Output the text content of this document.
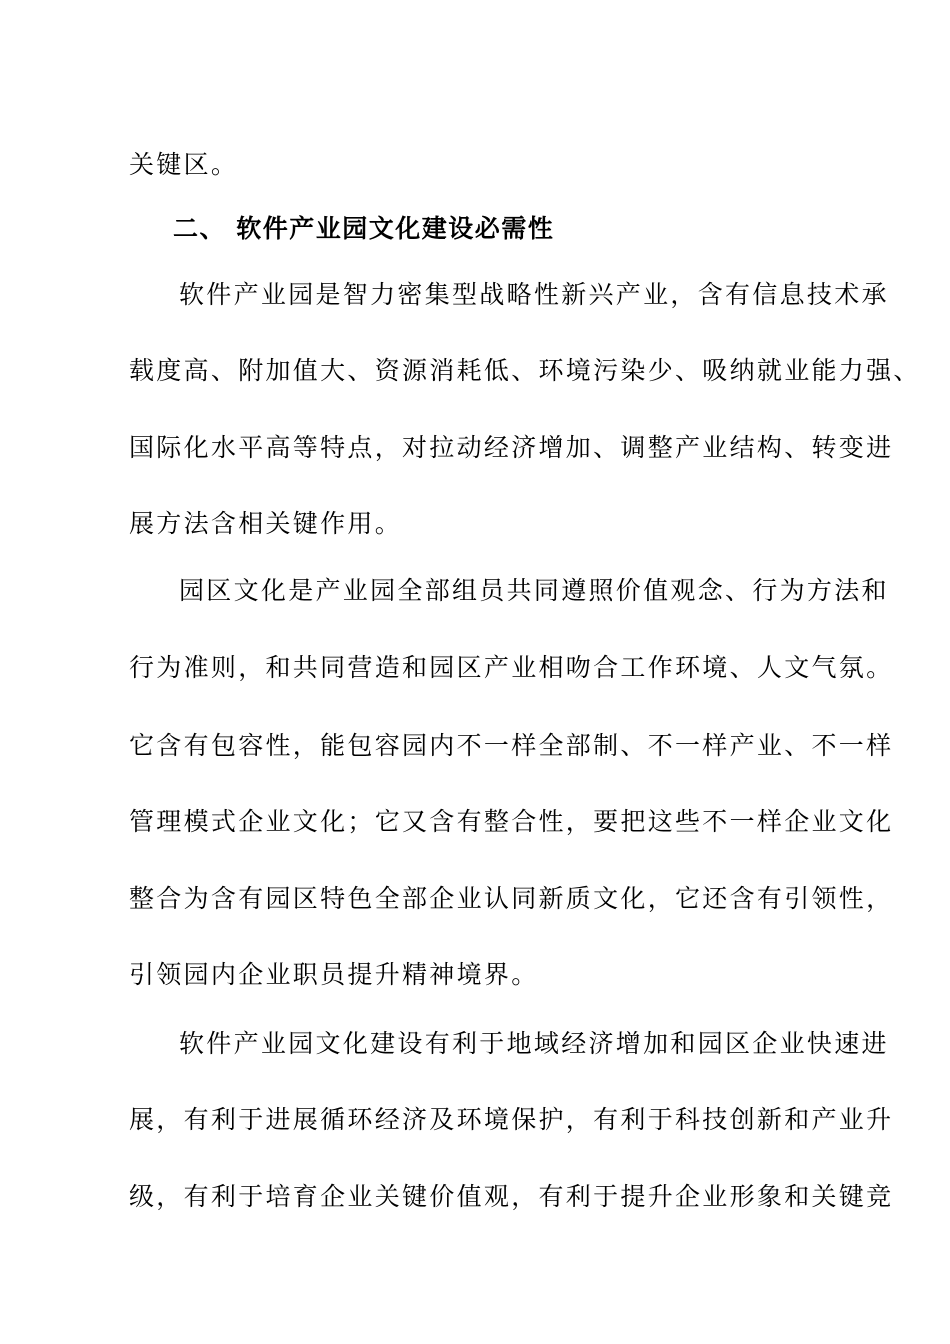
关键区。
二、 软件产业园文化建设必需性
软件产业园是智力密集型战略性新兴产业，含有信息技术承
载度高、附加值大、资源消耗低、环境污染少、吸纳就业能力强、
国际化水平高等特点，对拉动经济增加、调整产业结构、转变进
展方法含相关键作用。
园区文化是产业园全部组员共同遵照价值观念、行为方法和
行为准则，和共同营造和园区产业相吻合工作环境、人文气氛。
它含有包容性，能包容园内不一样全部制、不一样产业、不一样
管理模式企业文化；它又含有整合性，要把这些不一样企业文化
整合为含有园区特色全部企业认同新质文化，它还含有引领性，
引领园内企业职员提升精神境界。
软件产业园文化建设有利于地域经济增加和园区企业快速进
展，有利于进展循环经济及环境保护，有利于科技创新和产业升
级，有利于培育企业关键价值观，有利于提升企业形象和关键竞
